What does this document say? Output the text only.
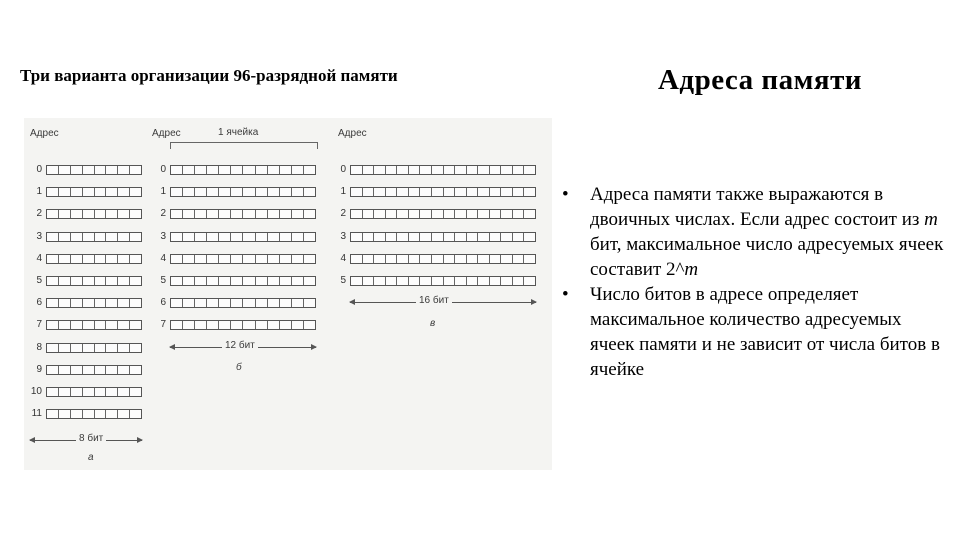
Три варианта организации 96-разрядной памяти	Адреса памяти
Адрес
0
1
2
3
4
5
6
7
8
9
10
11
8 бит
а
Адрес	1 ячейка
0
1
2
3
4
5
6
7
12 бит
б
Адрес
0
1
2
3
4
5
16 бит
в
• Адреса памяти также выражаются в двоичных числах. Если адрес состоит из m бит, максимальное число адресуемых ячеек составит 2^m
• Число битов в адресе определяет максимальное количество адресуемых ячеек памяти и не зависит от числа битов в ячейке
